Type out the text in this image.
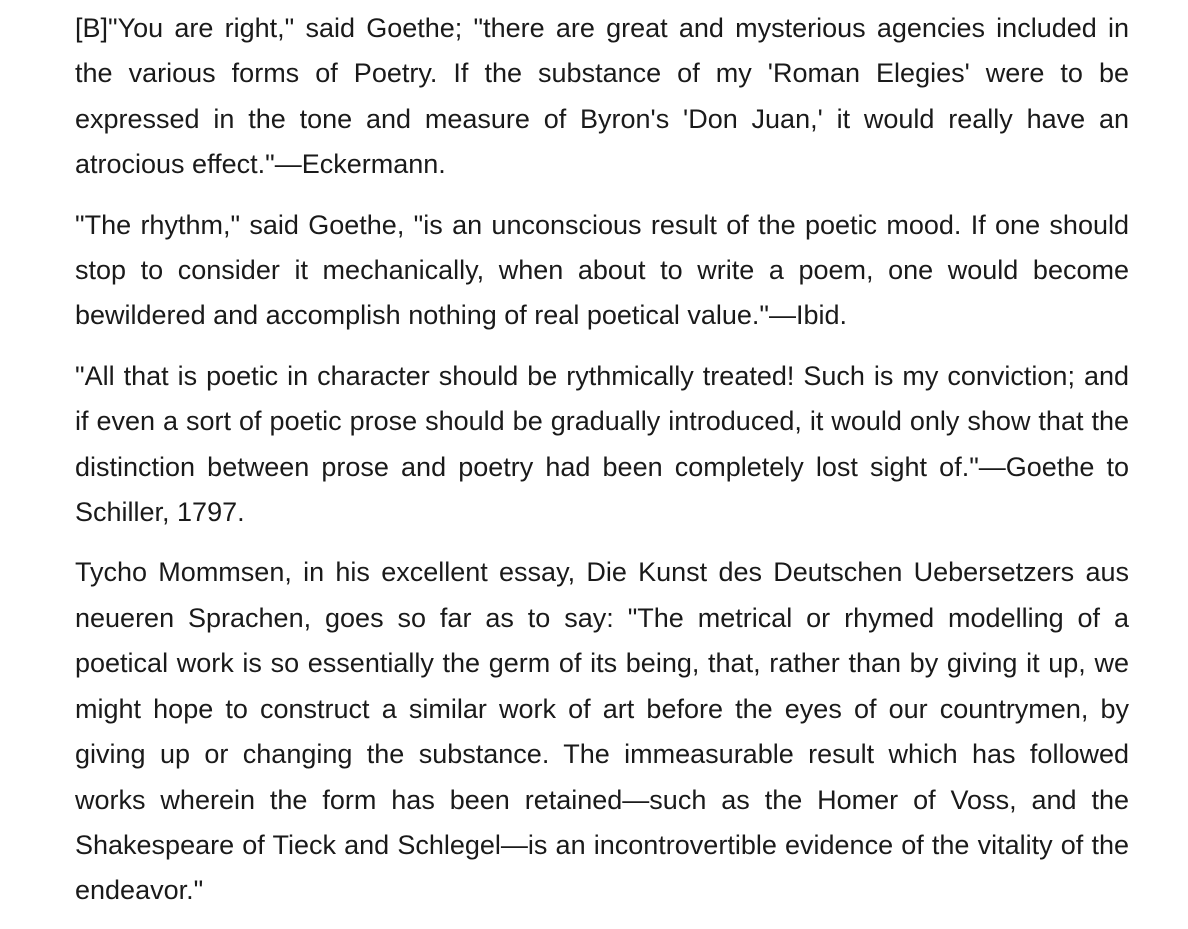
[B]"You are right," said Goethe; "there are great and mysterious agencies included in the various forms of Poetry. If the substance of my 'Roman Elegies' were to be expressed in the tone and measure of Byron's 'Don Juan,' it would really have an atrocious effect."—Eckermann.

"The rhythm," said Goethe, "is an unconscious result of the poetic mood. If one should stop to consider it mechanically, when about to write a poem, one would become bewildered and accomplish nothing of real poetical value."—Ibid.

"All that is poetic in character should be rythmically treated! Such is my conviction; and if even a sort of poetic prose should be gradually introduced, it would only show that the distinction between prose and poetry had been completely lost sight of."—Goethe to Schiller, 1797.

Tycho Mommsen, in his excellent essay, Die Kunst des Deutschen Uebersetzers aus neueren Sprachen, goes so far as to say: "The metrical or rhymed modelling of a poetical work is so essentially the germ of its being, that, rather than by giving it up, we might hope to construct a similar work of art before the eyes of our countrymen, by giving up or changing the substance. The immeasurable result which has followed works wherein the form has been retained—such as the Homer of Voss, and the Shakespeare of Tieck and Schlegel—is an incontrovertible evidence of the vitality of the endeavor."
